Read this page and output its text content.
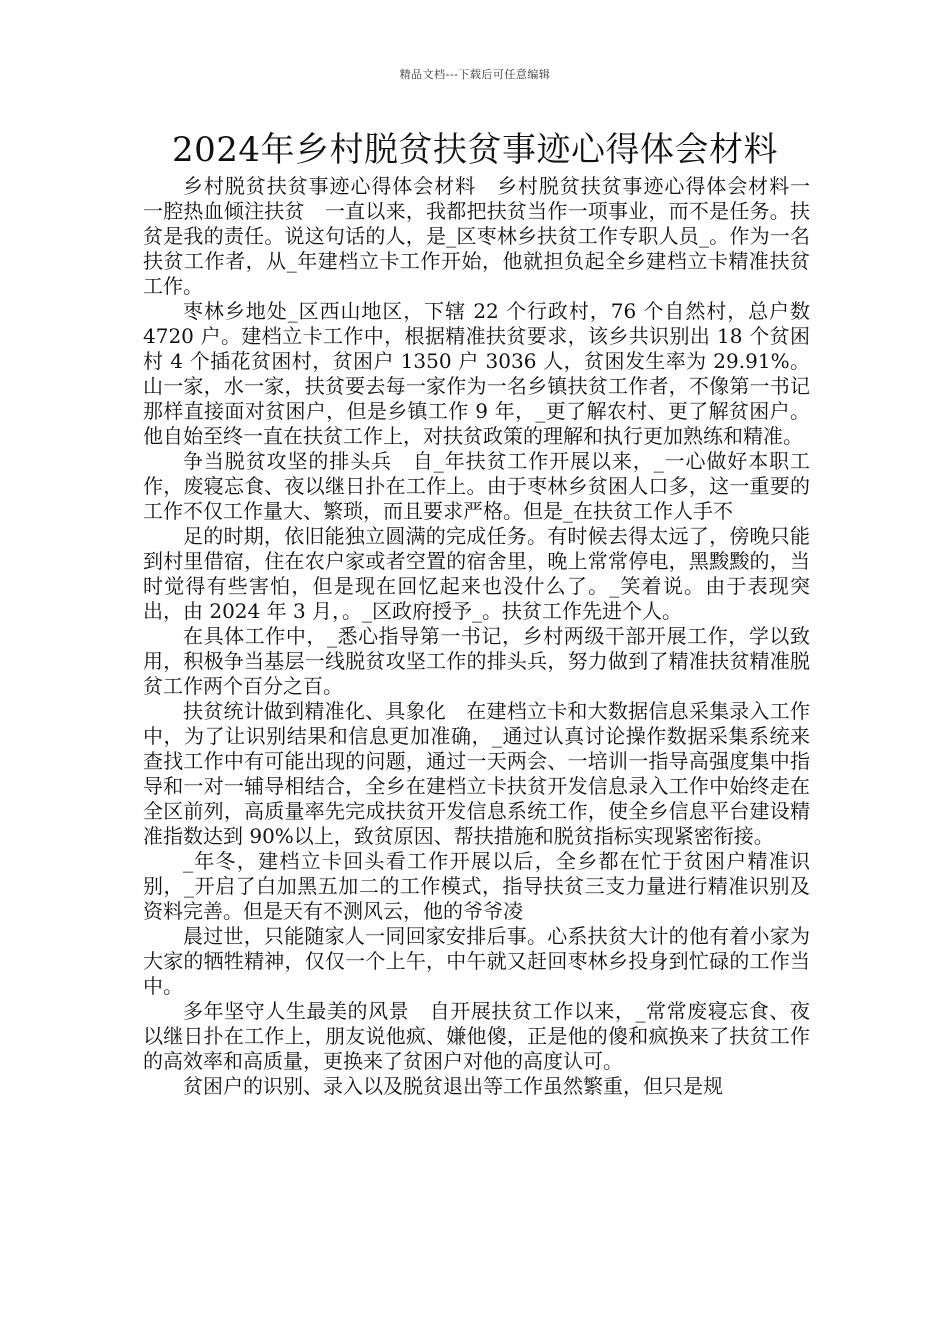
精品文档---下载后可任意编辑
2024年乡村脱贫扶贫事迹心得体会材料

乡村脱贫扶贫事迹心得体会材料　乡村脱贫扶贫事迹心得体会材料一　一腔热血倾注扶贫　一直以来，我都把扶贫当作一项事业，而不是任务。扶贫是我的责任。说这句话的人，是_区枣林乡扶贫工作专职人员_。作为一名扶贫工作者，从_年建档立卡工作开始，他就担负起全乡建档立卡精准扶贫工作。

枣林乡地处_区西山地区，下辖 22 个行政村，76 个自然村，总户数 4720 户。建档立卡工作中，根据精准扶贫要求，该乡共识别出 18 个贫困村 4 个插花贫困村，贫困户 1350 户 3036 人，贫困发生率为 29.91%。山一家，水一家，扶贫要去每一家作为一名乡镇扶贫工作者，不像第一书记那样直接面对贫困户，但是乡镇工作 9 年，_更了解农村、更了解贫困户。他自始至终一直在扶贫工作上，对扶贫政策的理解和执行更加熟练和精准。

争当脱贫攻坚的排头兵　自_年扶贫工作开展以来，_一心做好本职工作，废寝忘食、夜以继日扑在工作上。由于枣林乡贫困人口多，这一重要的工作不仅工作量大、繁琐，而且要求严格。但是_在扶贫工作人手不

足的时期，依旧能独立圆满的完成任务。有时候去得太远了，傍晚只能到村里借宿，住在农户家或者空置的宿舍里，晚上常常停电，黑黢黢的，当时觉得有些害怕，但是现在回忆起来也没什么了。_笑着说。由于表现突出，由 2024 年 3 月，。_区政府授予_。扶贫工作先进个人。

在具体工作中，_悉心指导第一书记，乡村两级干部开展工作，学以致用，积极争当基层一线脱贫攻坚工作的排头兵，努力做到了精准扶贫精准脱贫工作两个百分之百。

扶贫统计做到精准化、具象化　在建档立卡和大数据信息采集录入工作中，为了让识别结果和信息更加准确，_通过认真讨论操作数据采集系统来查找工作中有可能出现的问题，通过一天两会、一培训一指导高强度集中指导和一对一辅导相结合，全乡在建档立卡扶贫开发信息录入工作中始终走在全区前列，高质量率先完成扶贫开发信息系统工作，使全乡信息平台建设精准指数达到 90%以上，致贫原因、帮扶措施和脱贫指标实现紧密衔接。

_年冬，建档立卡回头看工作开展以后，全乡都在忙于贫困户精准识别，_开启了白加黑五加二的工作模式，指导扶贫三支力量进行精准识别及资料完善。但是天有不测风云，他的爷爷凌

晨过世，只能随家人一同回家安排后事。心系扶贫大计的他有着小家为大家的牺牲精神，仅仅一个上午，中午就又赶回枣林乡投身到忙碌的工作当中。

多年坚守人生最美的风景　自开展扶贫工作以来，_常常废寝忘食、夜以继日扑在工作上，朋友说他疯、嫌他傻，正是他的傻和疯换来了扶贫工作的高效率和高质量，更换来了贫困户对他的高度认可。

贫困户的识别、录入以及脱贫退出等工作虽然繁重，但只是规
